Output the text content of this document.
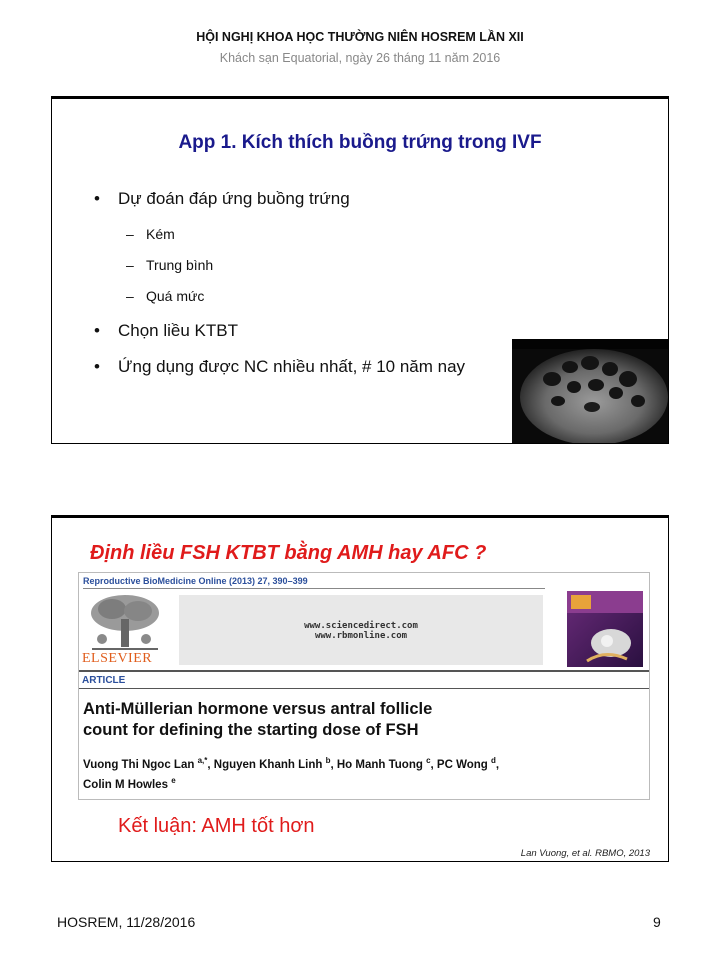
HỘI NGHỊ KHOA HỌC THƯỜNG NIÊN HOSREM LẦN XII
Khách sạn Equatorial, ngày 26 tháng 11 năm 2016
App 1. Kích thích buồng trứng trong IVF
• Dự đoán đáp ứng buồng trứng
– Kém
– Trung bình
– Quá mức
• Chọn liều KTBT
• Ứng dụng được NC nhiều nhất, # 10 năm nay
Định liều FSH KTBT bằng AMH hay AFC ?
Reproductive BioMedicine Online (2013) 27, 390–399
ELSEVIER
www.sciencedirect.com
www.rbmonline.com
ARTICLE
Anti-Müllerian hormone versus antral follicle
count for defining the starting dose of FSH
Vuong Thi Ngoc Lan $^{a,*}$, Nguyen Khanh Linh $^b$, Ho Manh Tuong $^c$, PC Wong $^d$,
Colin M Howles $^e$
Kết luận: AMH tốt hơn
Lan Vuong, et al. RBMO, 2013
HOSREM, 11/28/2016	9
